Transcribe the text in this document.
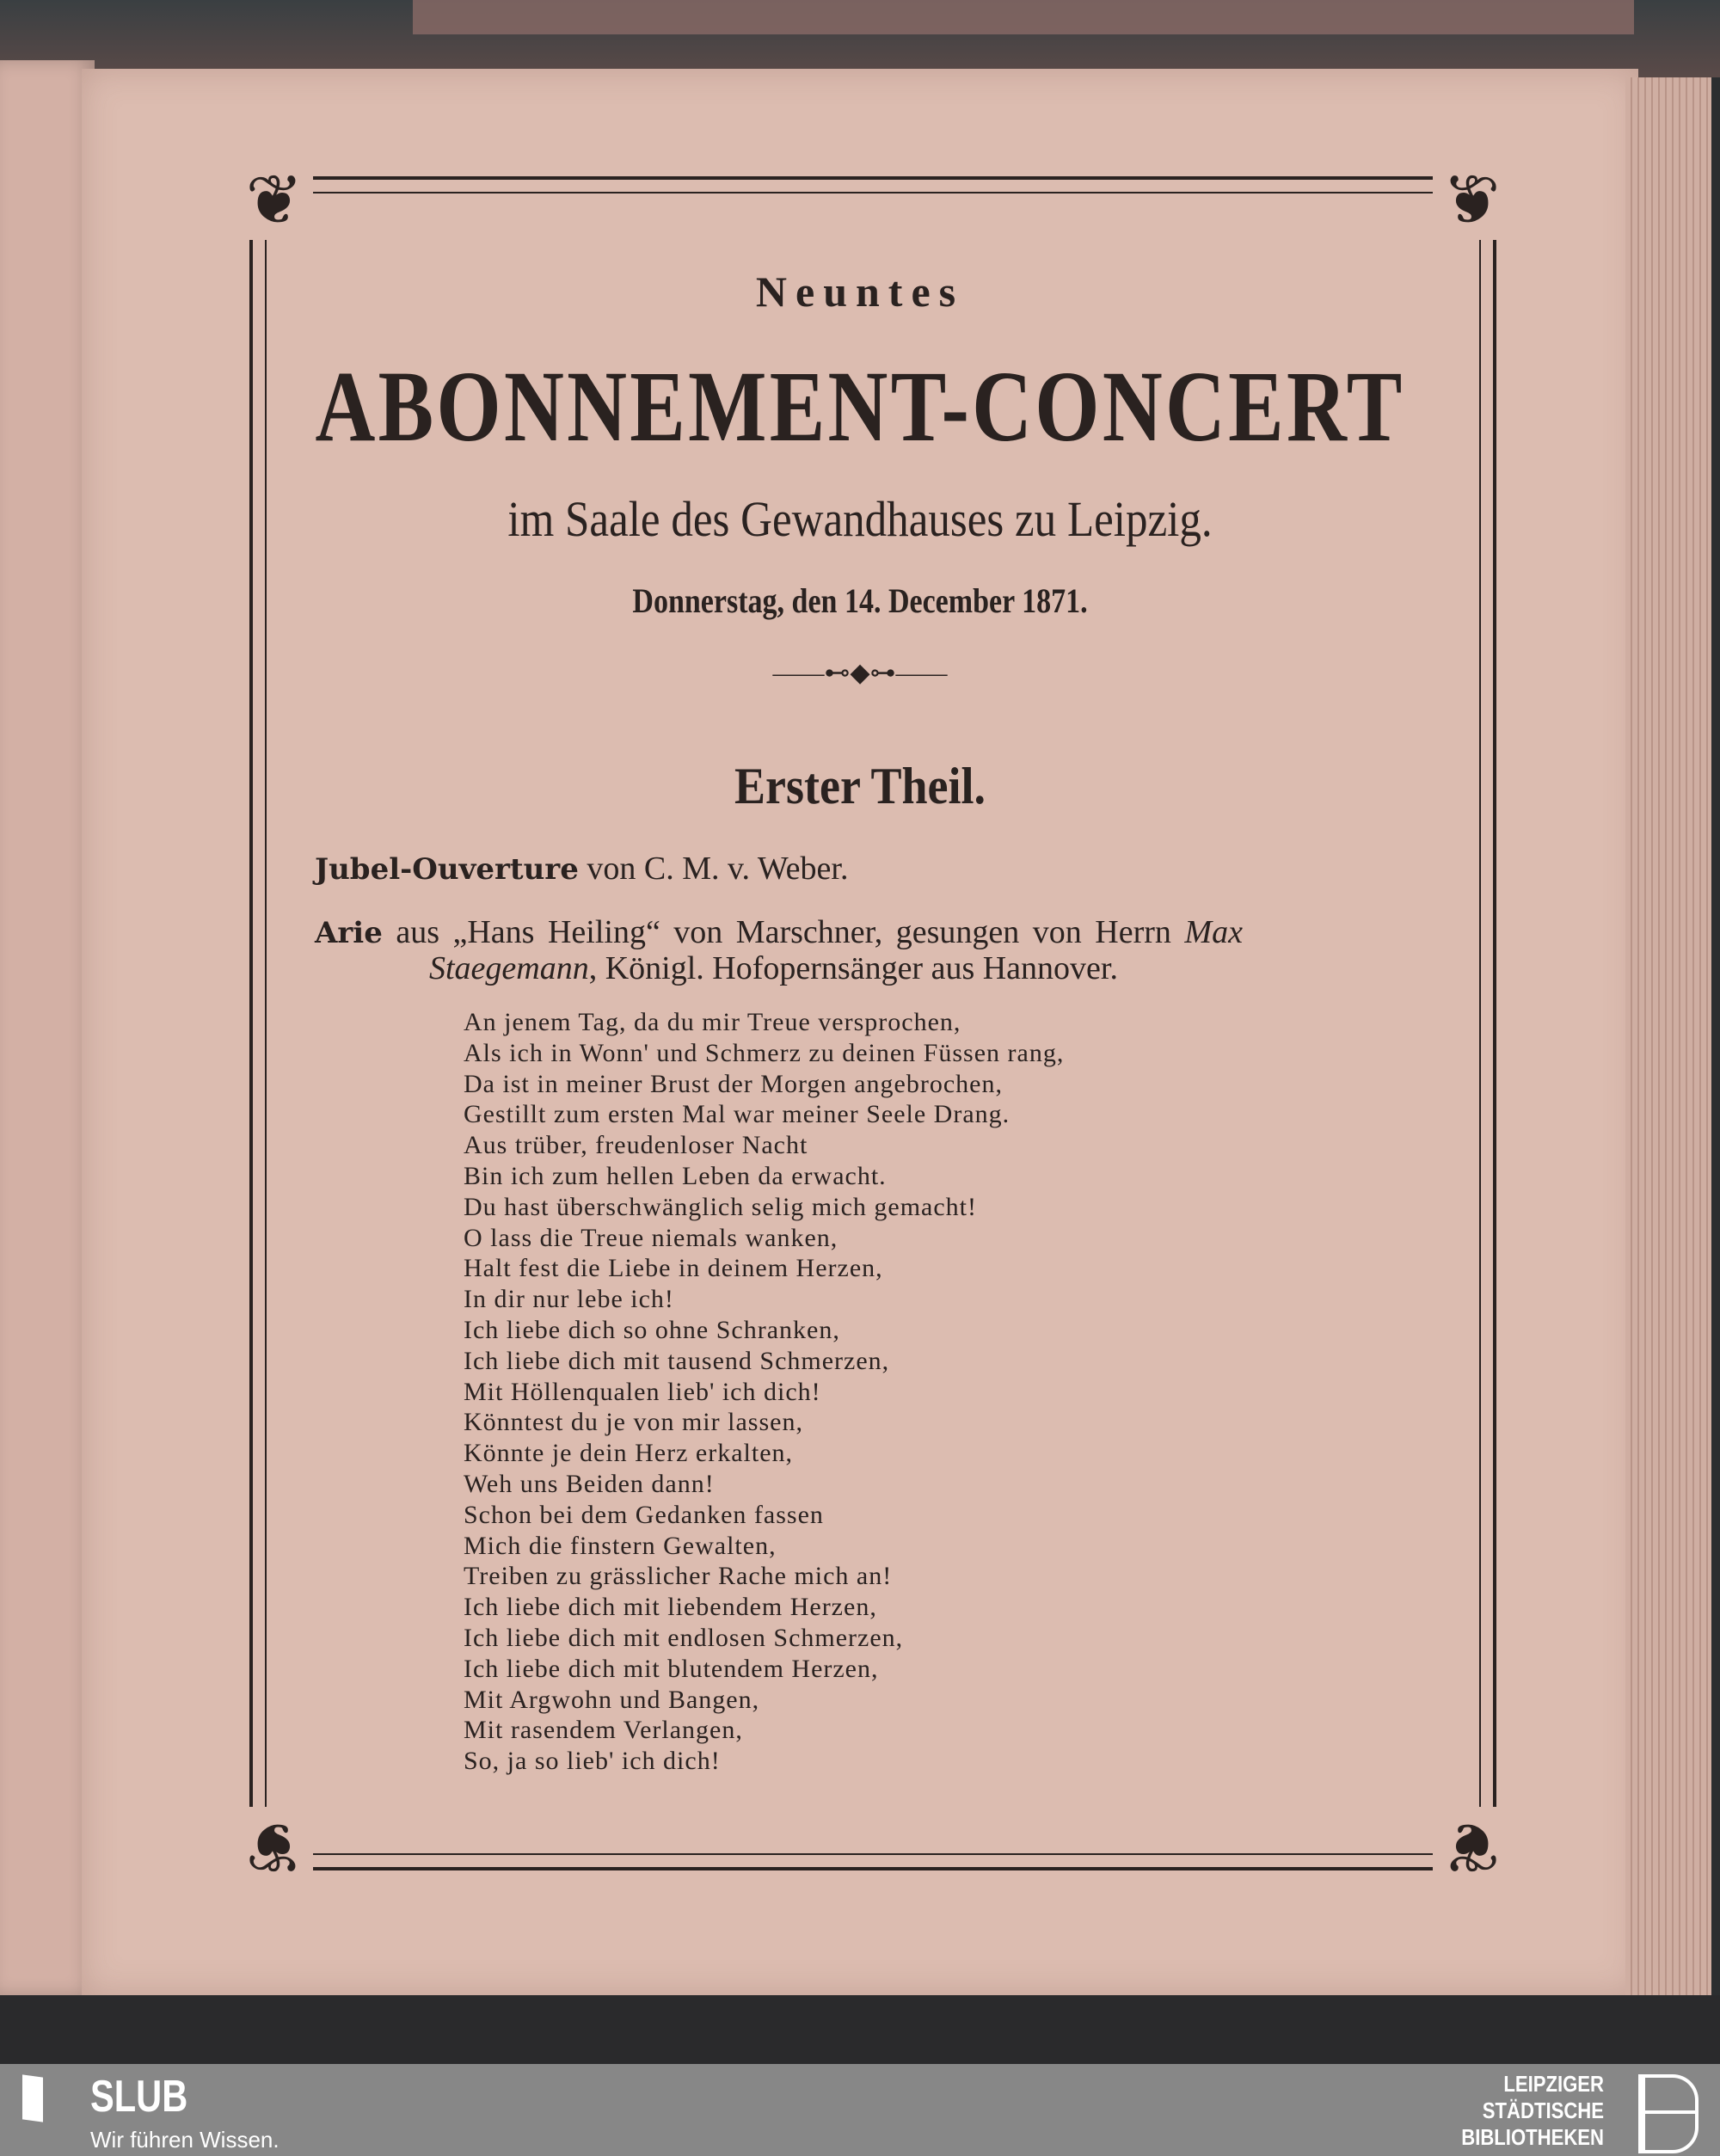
❦	❦
❦	❦
Neuntes
ABONNEMENT-CONCERT
im Saale des Gewandhauses zu Leipzig.
Donnerstag, den 14. December 1871.
——⊷◆⊶——
Erster Theil.
Jubel-Ouverture von C. M. v. Weber.
Arie aus „Hans Heiling“ von Marschner, gesungen von Herrn Max
Staegemann, Königl. Hofopernsänger aus Hannover.
An jenem Tag, da du mir Treue versprochen,
Als ich in Wonn' und Schmerz zu deinen Füssen rang,
Da ist in meiner Brust der Morgen angebrochen,
Gestillt zum ersten Mal war meiner Seele Drang.
Aus trüber, freudenloser Nacht
Bin ich zum hellen Leben da erwacht.
Du hast überschwänglich selig mich gemacht!
O lass die Treue niemals wanken,
Halt fest die Liebe in deinem Herzen,
In dir nur lebe ich!
Ich liebe dich so ohne Schranken,
Ich liebe dich mit tausend Schmerzen,
Mit Höllenqualen lieb' ich dich!
Könntest du je von mir lassen,
Könnte je dein Herz erkalten,
Weh uns Beiden dann!
Schon bei dem Gedanken fassen
Mich die finstern Gewalten,
Treiben zu grässlicher Rache mich an!
Ich liebe dich mit liebendem Herzen,
Ich liebe dich mit endlosen Schmerzen,
Ich liebe dich mit blutendem Herzen,
Mit Argwohn und Bangen,
Mit rasendem Verlangen,
So, ja so lieb' ich dich!
SLUB
Wir führen Wissen.
LEIPZIGER
STÄDTISCHE
BIBLIOTHEKEN
